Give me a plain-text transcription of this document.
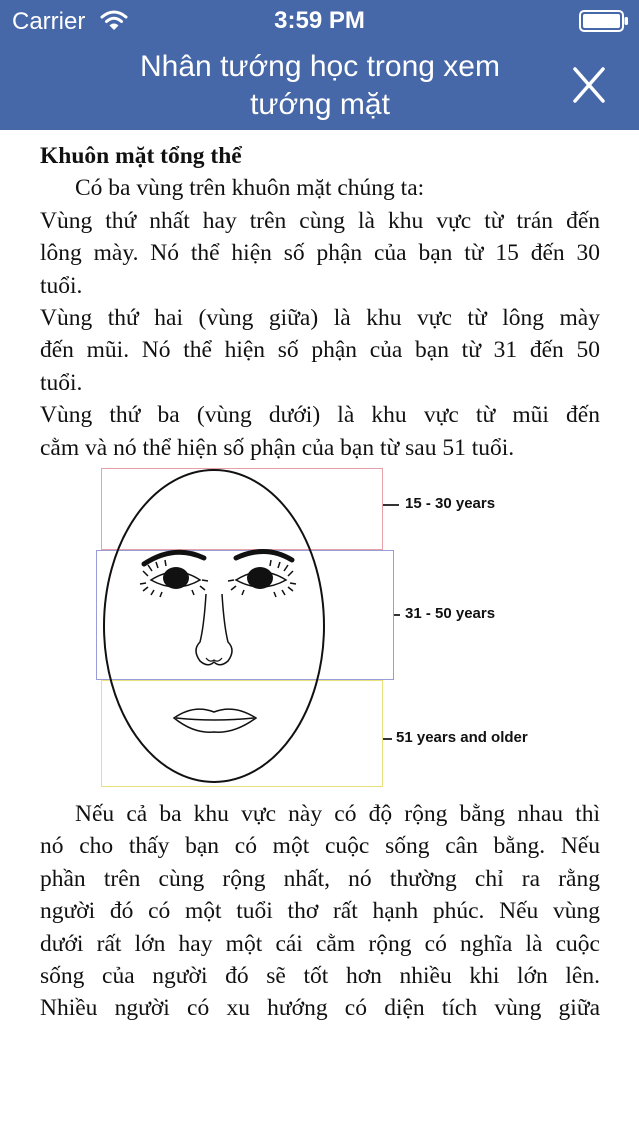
Carrier	3:59 PM
Nhân tướng học trong xem
tướng mặt
Khuôn mặt tổng thể
Có ba vùng trên khuôn mặt chúng ta:
Vùng thứ nhất hay trên cùng là khu vực từ trán đến
lông mày. Nó thể hiện số phận của bạn từ 15 đến 30
tuổi.
Vùng thứ hai (vùng giữa) là khu vực từ lông mày
đến mũi. Nó thể hiện số phận của bạn từ 31 đến 50
tuổi.
Vùng thứ ba (vùng dưới) là khu vực từ mũi đến
cằm và nó thể hiện số phận của bạn từ sau 51 tuổi.
15 - 30 years
31 - 50 years
51 years and older
Nếu cả ba khu vực này có độ rộng bằng nhau thì
nó cho thấy bạn có một cuộc sống cân bằng. Nếu
phần trên cùng rộng nhất, nó thường chỉ ra rằng
người đó có một tuổi thơ rất hạnh phúc. Nếu vùng
dưới rất lớn hay một cái cằm rộng có nghĩa là cuộc
sống của người đó sẽ tốt hơn nhiều khi lớn lên.
Nhiều người có xu hướng có diện tích vùng giữa
